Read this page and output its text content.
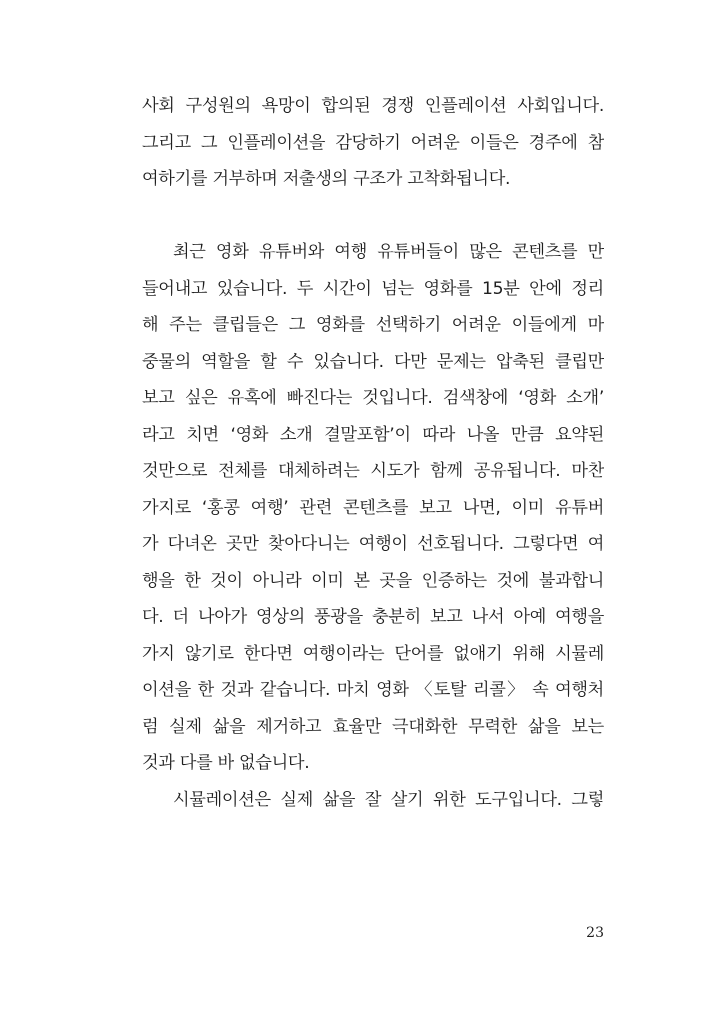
사회 구성원의 욕망이 합의된 경쟁 인플레이션 사회입니다.
그리고 그 인플레이션을 감당하기 어려운 이들은 경주에 참
여하기를 거부하며 저출생의 구조가 고착화됩니다.
최근 영화 유튜버와 여행 유튜버들이 많은 콘텐츠를 만
들어내고 있습니다. 두 시간이 넘는 영화를 15분 안에 정리
해 주는 클립들은 그 영화를 선택하기 어려운 이들에게 마
중물의 역할을 할 수 있습니다. 다만 문제는 압축된 클립만
보고 싶은 유혹에 빠진다는 것입니다. 검색창에 ‘영화 소개’
라고 치면 ‘영화 소개 결말포함’이 따라 나올 만큼 요약된
것만으로 전체를 대체하려는 시도가 함께 공유됩니다. 마찬
가지로 ‘홍콩 여행’ 관련 콘텐츠를 보고 나면, 이미 유튜버
가 다녀온 곳만 찾아다니는 여행이 선호됩니다. 그렇다면 여
행을 한 것이 아니라 이미 본 곳을 인증하는 것에 불과합니
다. 더 나아가 영상의 풍광을 충분히 보고 나서 아예 여행을
가지 않기로 한다면 여행이라는 단어를 없애기 위해 시뮬레
이션을 한 것과 같습니다. 마치 영화 〈토탈 리콜〉 속 여행처
럼 실제 삶을 제거하고 효율만 극대화한 무력한 삶을 보는
것과 다를 바 없습니다.
시뮬레이션은 실제 삶을 잘 살기 위한 도구입니다. 그렇
23
